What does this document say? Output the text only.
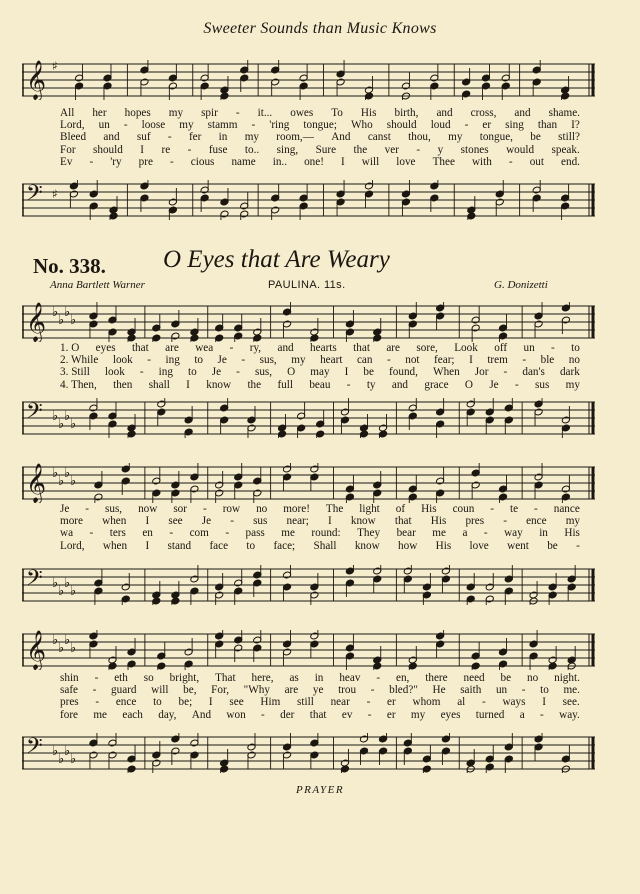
Sweeter Sounds than Music Knows
𝄞 ♯
All her hopes my spir - it... owes To His birth, and cross, and shame.
Lord, un - loose my stamm - 'ring tongue; Who should loud - er sing than I?
Bleed and suf - fer in my room,— And canst thou, my tongue, be still?
For should I re - fuse to.. sing, Sure the ver - y stones would speak.
Ev - 'ry pre - cious name in.. one! I will love Thee with - out end.
𝄢 ♯
No. 338. O Eyes that Are Weary
Anna Bartlett Warner	PAULINA. 11s.	G. Donizetti
𝄞 ♭
♭
♭
♭
1. O eyes that are wea - ry, and hearts that are sore, Look off un - to
2. While look - ing to Je - sus, my heart can - not fear; I trem - ble no
3. Still look - ing to Je - sus, O may I be found, When Jor - dan's dark
4. Then, then shall I know the full beau - ty and grace O Je - sus my
𝄢 ♭
♭
♭
♭
𝄞 ♭
♭
♭
♭
Je - sus, now sor - row no more! The light of His coun - te - nance
more when I see Je - sus near; I know that His pres - ence my
wa - ters en - com - pass me round: They bear me a - way in His
Lord, when I stand face to face; Shall know how His love went be -
𝄢 ♭
♭
♭
♭
𝄞 ♭
♭
♭
♭
shin - eth so bright, That here, as in heav - en, there need be no night.
safe - guard will be, For, "Why are ye trou - bled?" He saith un - to me.
pres - ence to be; I see Him still near - er whom al - ways I see.
fore me each day, And won - der that ev - er my eyes turned a - way.
𝄢 ♭
♭
♭
♭
PRAYER
